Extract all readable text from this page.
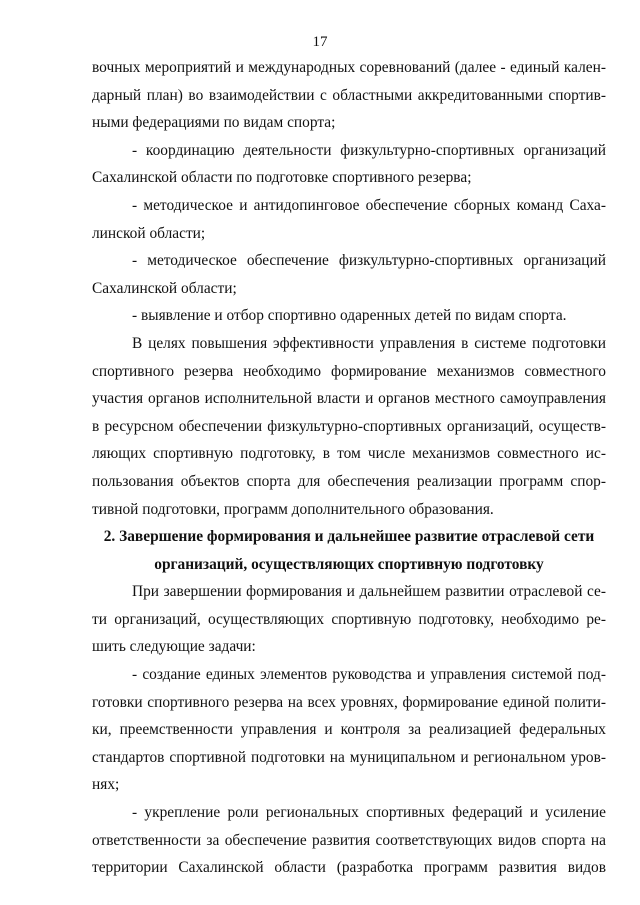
17
вочных мероприятий и международных соревнований (далее - единый кален-
дарный план) во взаимодействии с областными аккредитованными спортив-
ными федерациями по видам спорта;
- координацию деятельности физкультурно-спортивных организаций
Сахалинской области по подготовке спортивного резерва;
- методическое и антидопинговое обеспечение сборных команд Саха-
линской области;
- методическое обеспечение физкультурно-спортивных организаций
Сахалинской области;
- выявление и отбор спортивно одаренных детей по видам спорта.
В целях повышения эффективности управления в системе подготовки
спортивного резерва необходимо формирование механизмов совместного
участия органов исполнительной власти и органов местного самоуправления
в ресурсном обеспечении физкультурно-спортивных организаций, осуществ-
ляющих спортивную подготовку, в том числе механизмов совместного ис-
пользования объектов спорта для обеспечения реализации программ спор-
тивной подготовки, программ дополнительного образования.
2. Завершение формирования и дальнейшее развитие отраслевой сети
организаций, осуществляющих спортивную подготовку
При завершении формирования и дальнейшем развитии отраслевой се-
ти организаций, осуществляющих спортивную подготовку, необходимо ре-
шить следующие задачи:
- создание единых элементов руководства и управления системой под-
готовки спортивного резерва на всех уровнях, формирование единой полити-
ки, преемственности управления и контроля за реализацией федеральных
стандартов спортивной подготовки на муниципальном и региональном уров-
нях;
- укрепление роли региональных спортивных федераций и усиление
ответственности за обеспечение развития соответствующих видов спорта на
территории Сахалинской области (разработка программ развития видов
